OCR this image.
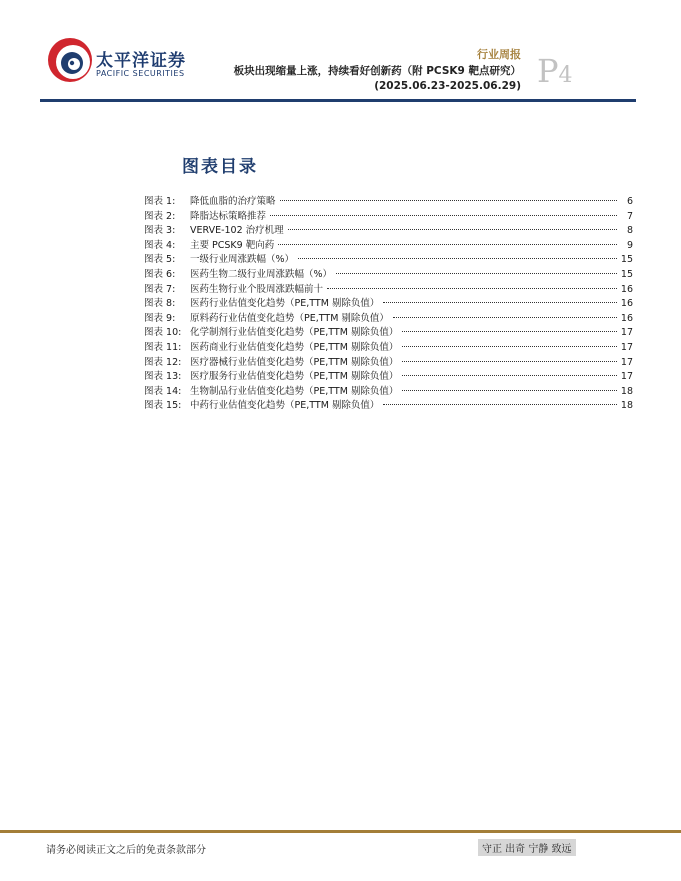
太平洋证券
PACIFIC SECURITIES
行业周报
板块出现缩量上涨，持续看好创新药（附 PCSK9 靶点研究）
(2025.06.23-2025.06.29) P4
图表目录
图表 1:	降低血脂的治疗策略	6
图表 2:	降脂达标策略推荐	7
图表 3:	VERVE-102 治疗机理	8
图表 4:	主要 PCSK9 靶向药	9
图表 5:	一级行业周涨跌幅（%）	15
图表 6:	医药生物二级行业周涨跌幅（%）	15
图表 7:	医药生物行业个股周涨跌幅前十	16
图表 8:	医药行业估值变化趋势（PE,TTM 剔除负值）	16
图表 9:	原料药行业估值变化趋势（PE,TTM 剔除负值）	16
图表 10: 化学制剂行业估值变化趋势（PE,TTM 剔除负值）	17
图表 11: 医药商业行业估值变化趋势（PE,TTM 剔除负值）	17
图表 12: 医疗器械行业估值变化趋势（PE,TTM 剔除负值）	17
图表 13: 医疗服务行业估值变化趋势（PE,TTM 剔除负值）	17
图表 14: 生物制品行业估值变化趋势（PE,TTM 剔除负值）	18
图表 15: 中药行业估值变化趋势（PE,TTM 剔除负值）	18
请务必阅读正文之后的免责条款部分	守正 出奇 宁静 致远
